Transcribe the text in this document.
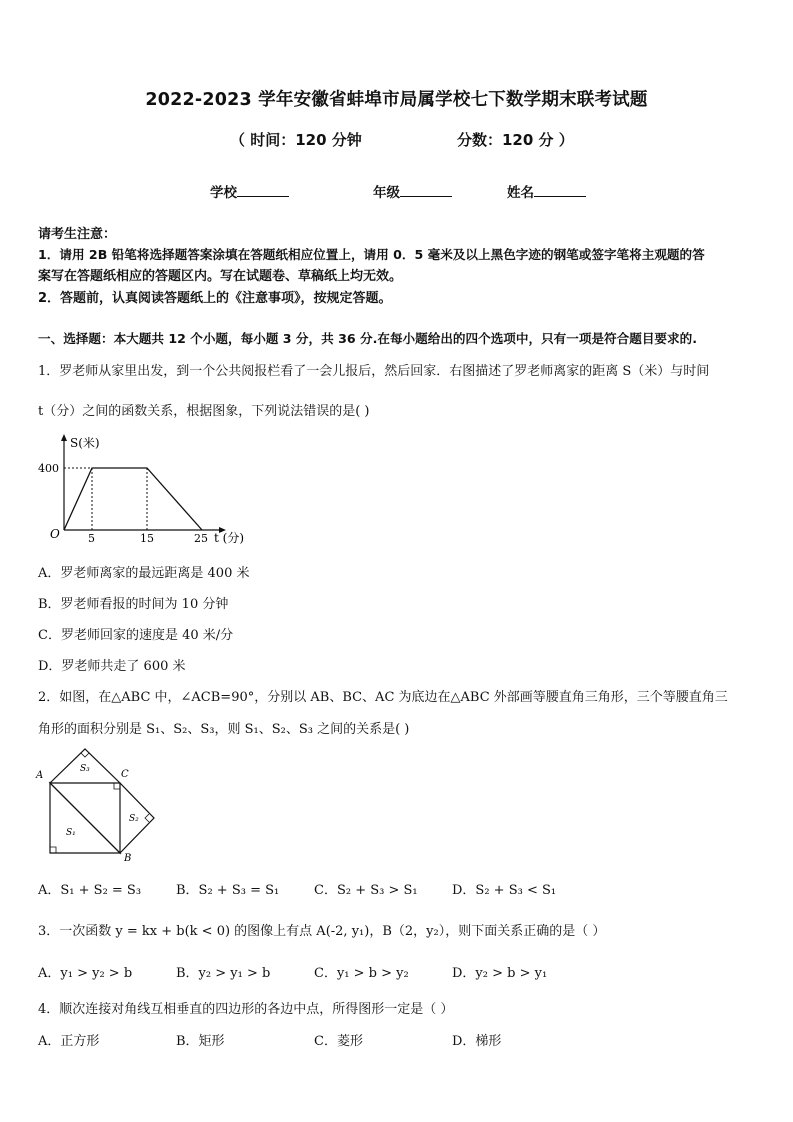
2022-2023 学年安徽省蚌埠市局属学校七下数学期末联考试题
（ 时间：120 分钟	分数：120 分 ）
学校	年级	姓名
请考生注意：
1．请用 2B 铅笔将选择题答案涂填在答题纸相应位置上，请用 0．5 毫米及以上黑色字迹的钢笔或签字笔将主观题的答
案写在答题纸相应的答题区内。写在试题卷、草稿纸上均无效。
2．答题前，认真阅读答题纸上的《注意事项》，按规定答题。
一、选择题：本大题共 12 个小题，每小题 3 分，共 36 分.在每小题给出的四个选项中，只有一项是符合题目要求的.
1．罗老师从家里出发，到一个公共阅报栏看了一会儿报后，然后回家．右图描述了罗老师离家的距离 S（米）与时间
t（分）之间的函数关系，根据图象，下列说法错误的是( )
S(米)
400
O	5	15	25 t (分)
A．罗老师离家的最远距离是 400 米
B．罗老师看报的时间为 10 分钟
C．罗老师回家的速度是 40 米/分
D．罗老师共走了 600 米
2．如图，在△ABC 中，∠ACB=90°，分别以 AB、BC、AC 为底边在△ABC 外部画等腰直角三角形，三个等腰直角三
角形的面积分别是 S₁、S₂、S₃，则 S₁、S₂、S₃ 之间的关系是( )
A	C
B
S₃
S₂
S₁
A．S₁ + S₂ = S₃	B．S₂ + S₃ = S₁	C．S₂ + S₃ > S₁	D．S₂ + S₃ < S₁
3．一次函数 y = kx + b(k < 0) 的图像上有点 A(-2, y₁)，B（2，y₂），则下面关系正确的是（ ）
A．y₁ > y₂ > b	B．y₂ > y₁ > b	C．y₁ > b > y₂	D．y₂ > b > y₁
4．顺次连接对角线互相垂直的四边形的各边中点，所得图形一定是（ ）
A．正方形	B．矩形	C．菱形	D．梯形
